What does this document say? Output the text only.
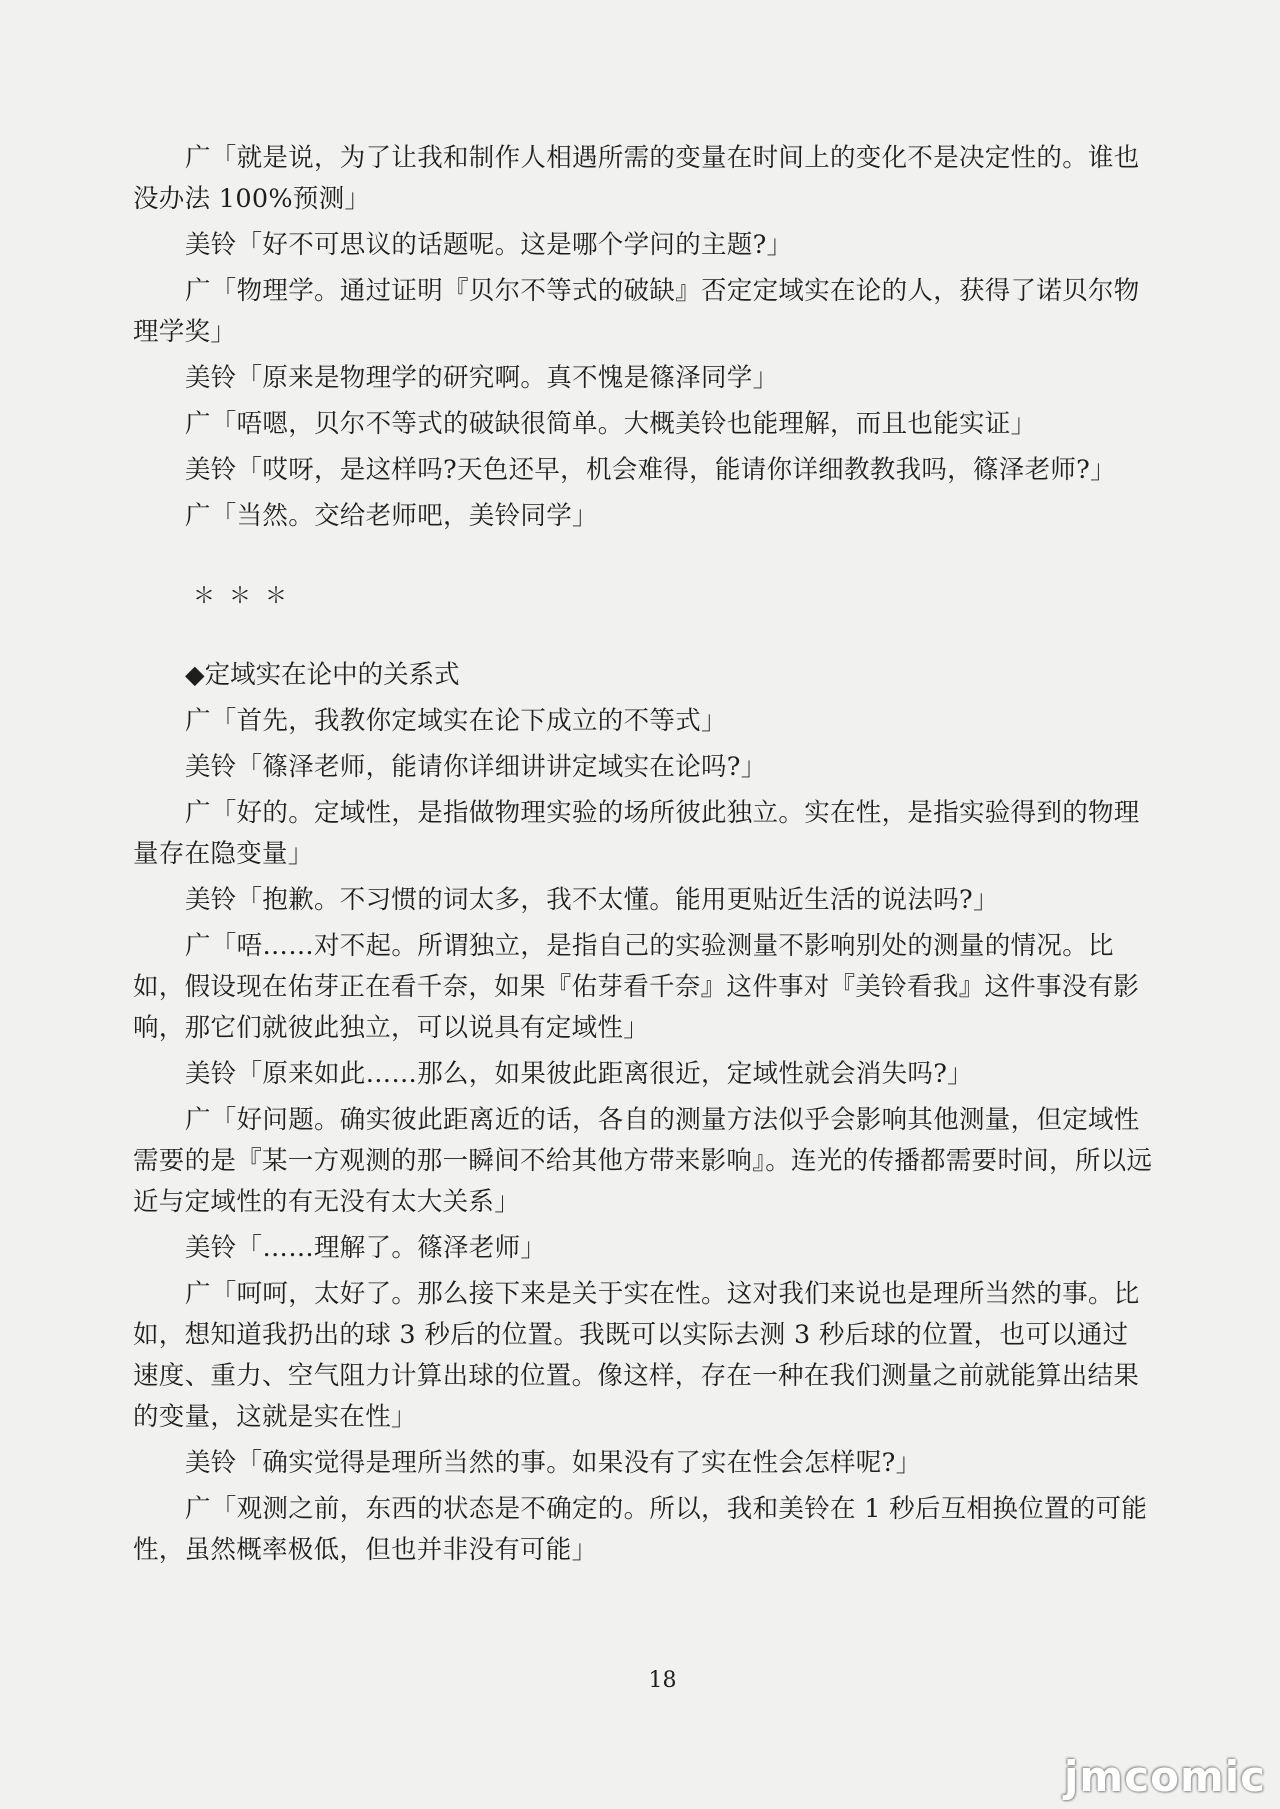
广「就是说，为了让我和制作人相遇所需的变量在时间上的变化不是决定性的。谁也没办法 100%预测」

美铃「好不可思议的话题呢。这是哪个学问的主题?」

广「物理学。通过证明『贝尔不等式的破缺』否定定域实在论的人，获得了诺贝尔物理学奖」

美铃「原来是物理学的研究啊。真不愧是篠泽同学」

广「唔嗯，贝尔不等式的破缺很简单。大概美铃也能理解，而且也能实证」

美铃「哎呀，是这样吗?天色还早，机会难得，能请你详细教教我吗，篠泽老师?」

广「当然。交给老师吧，美铃同学」

＊＊＊

◆定域实在论中的关系式

广「首先，我教你定域实在论下成立的不等式」

美铃「篠泽老师，能请你详细讲讲定域实在论吗?」

广「好的。定域性，是指做物理实验的场所彼此独立。实在性，是指实验得到的物理量存在隐变量」

美铃「抱歉。不习惯的词太多，我不太懂。能用更贴近生活的说法吗?」

广「唔……对不起。所谓独立，是指自己的实验测量不影响别处的测量的情况。比如，假设现在佑芽正在看千奈，如果『佑芽看千奈』这件事对『美铃看我』这件事没有影响，那它们就彼此独立，可以说具有定域性」

美铃「原来如此……那么，如果彼此距离很近，定域性就会消失吗?」

广「好问题。确实彼此距离近的话，各自的测量方法似乎会影响其他测量，但定域性需要的是『某一方观测的那一瞬间不给其他方带来影响』。连光的传播都需要时间，所以远近与定域性的有无没有太大关系」

美铃「……理解了。篠泽老师」

广「呵呵，太好了。那么接下来是关于实在性。这对我们来说也是理所当然的事。比如，想知道我扔出的球 3 秒后的位置。我既可以实际去测 3 秒后球的位置，也可以通过速度、重力、空气阻力计算出球的位置。像这样，存在一种在我们测量之前就能算出结果的变量，这就是实在性」

美铃「确实觉得是理所当然的事。如果没有了实在性会怎样呢?」

广「观测之前，东西的状态是不确定的。所以，我和美铃在 1 秒后互相换位置的可能性，虽然概率极低，但也并非没有可能」

18
jmcomic
